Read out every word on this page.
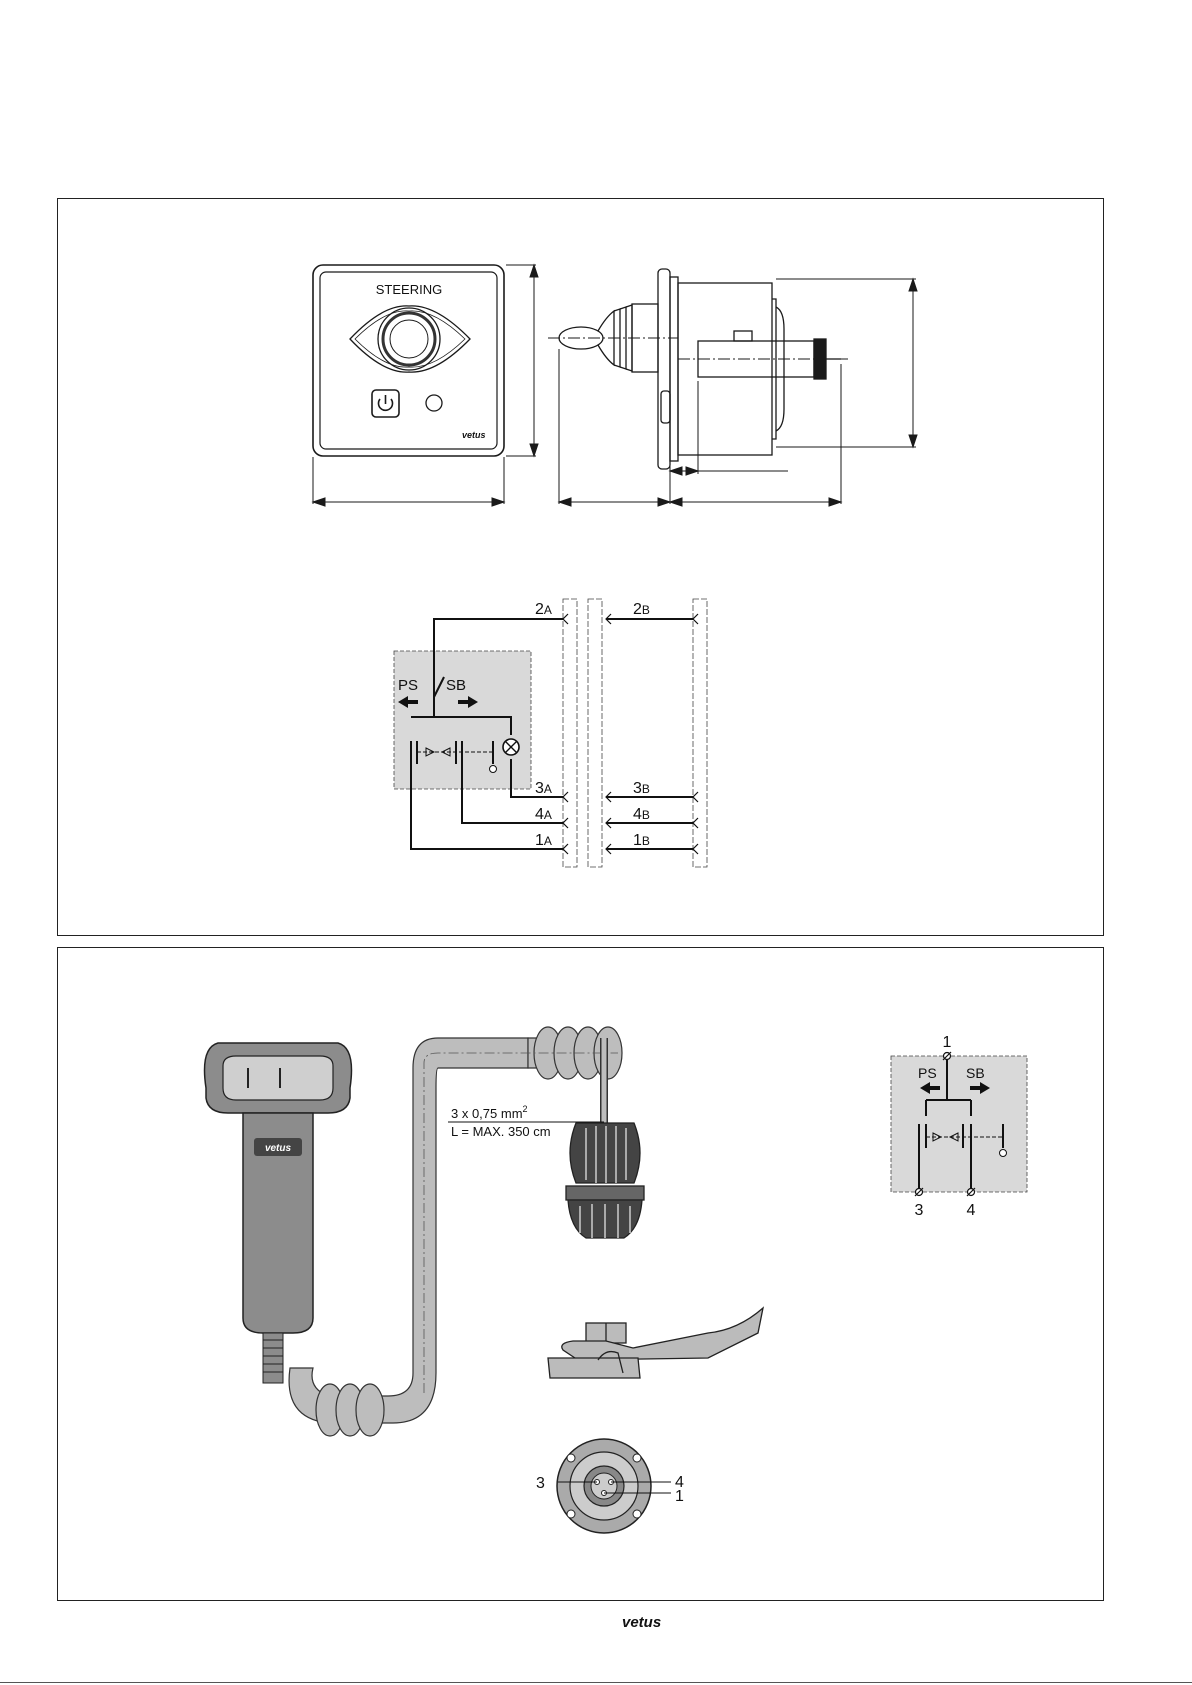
STEERING
vetus
PS SB
2A
3A
4A
1A
2B
3B
4B
1B
3 x 0,75 $mm^2$
L = MAX. 350 cm
vetus
3	4
1
1
PS SB
3	4
vetus
